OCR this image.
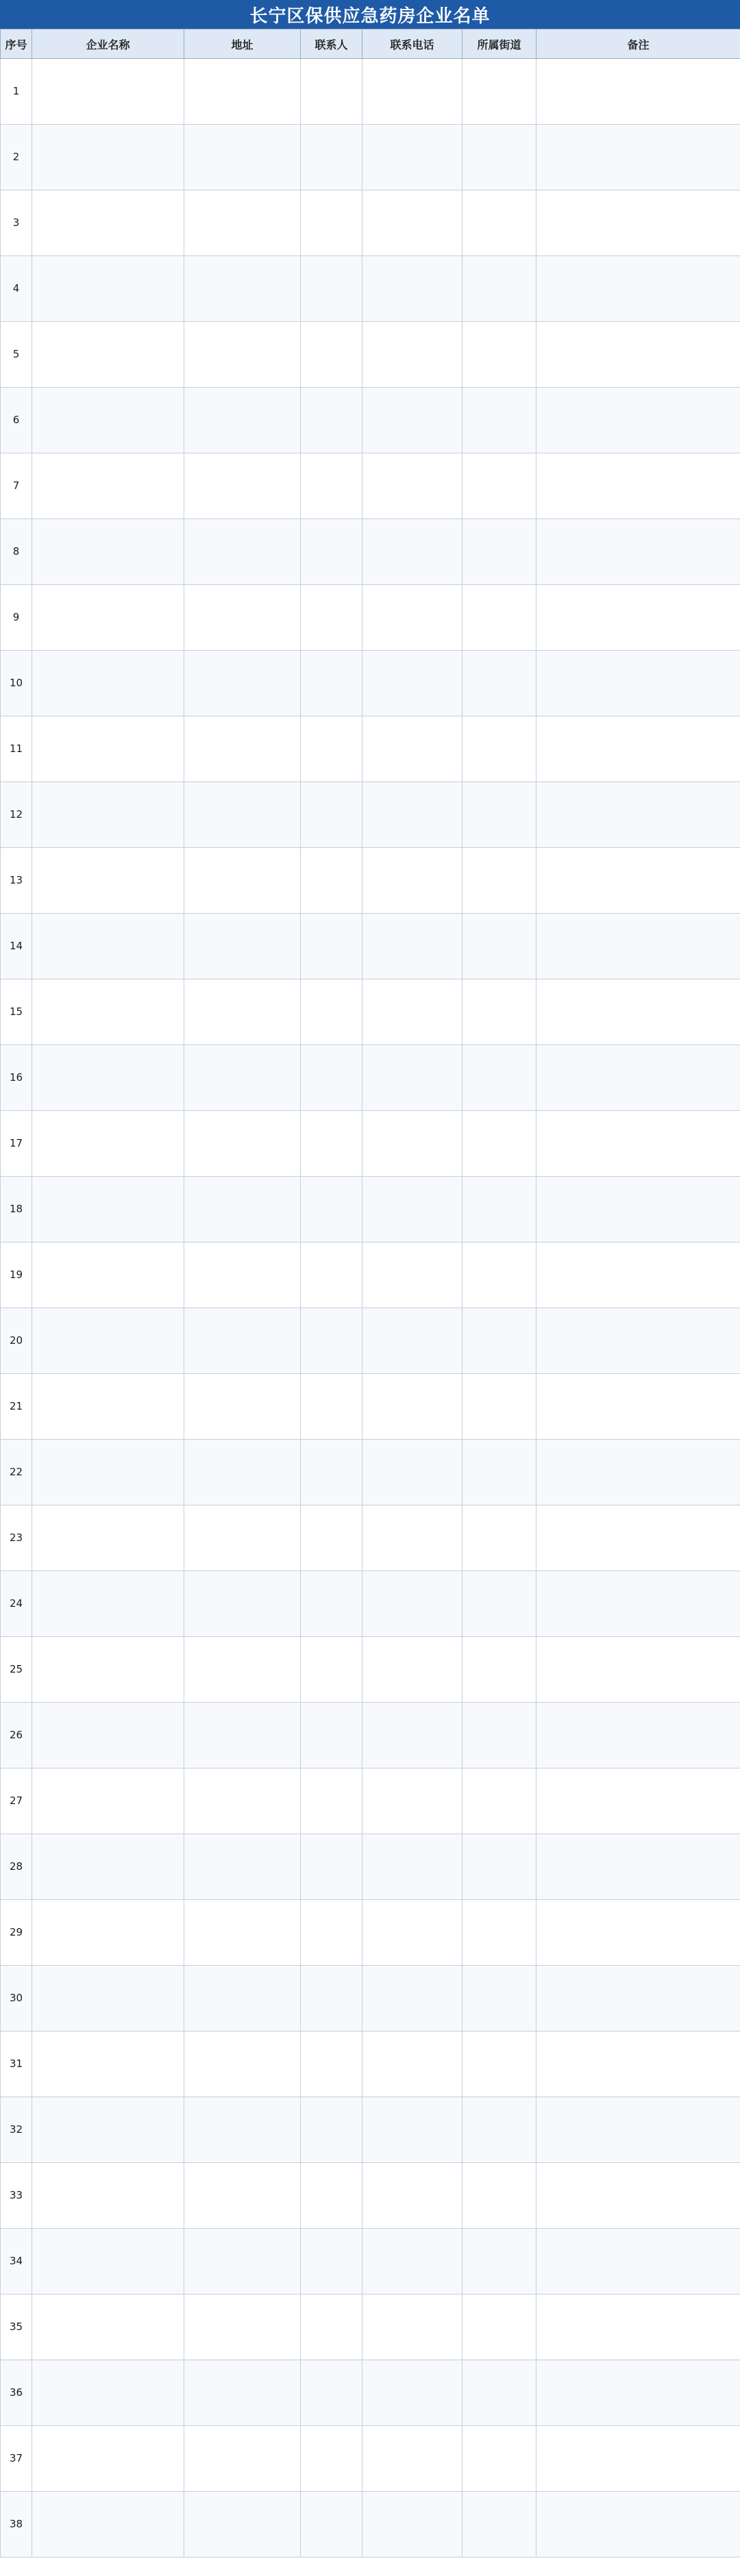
长宁区保供应急药房企业名单
序号	企业名称	地址	联系人	联系电话	所属街道	备注
1						
2						
3						
4						
5						
6						
7						
8						
9						
10						
11						
12						
13						
14						
15						
16						
17						
18						
19						
20						
21						
22						
23						
24						
25						
26						
27						
28						
29						
30						
31						
32						
33						
34						
35						
36						
37						
38						
